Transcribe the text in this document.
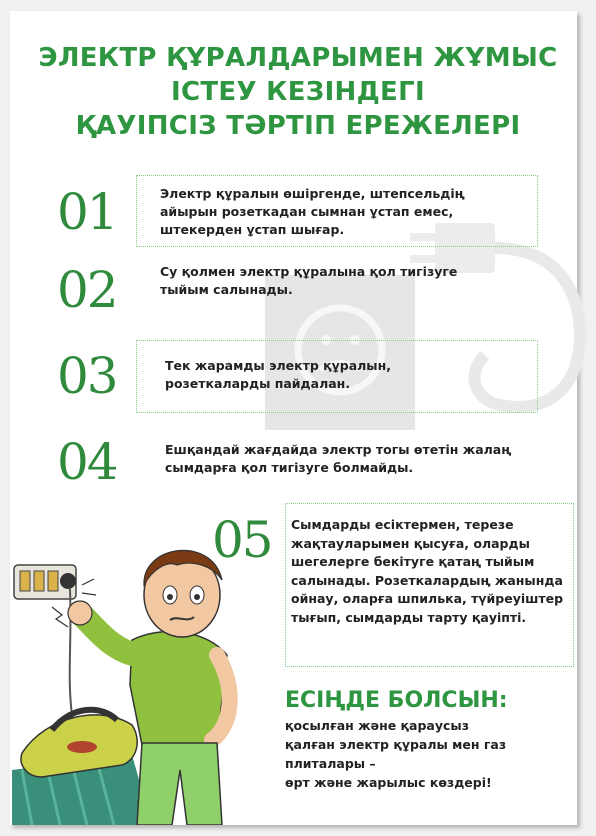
ЭЛЕКТР ҚҰРАЛДАРЫМЕН ЖҰМЫС
ІСТЕУ КЕЗІНДЕГІ
ҚАУІПСІЗ ТӘРТІП ЕРЕЖЕЛЕРІ
01	Электр құралын өшіргенде, штепсельдің айырын розеткадан сымнан ұстап емес, штекерден ұстап шығар.

02	Су қолмен электр құралына қол тигізуге тыйым салынады.

03	Тек жарамды электр құралын, розеткаларды пайдалан.

04	Ешқандай жағдайда электр тогы өтетін жалаң сымдарға қол тигізуге болмайды.

05 Сымдарды есіктермен, терезе жақтауларымен қысуға, оларды шегелерге бекітуге қатаң тыйым салынады. Розеткалардың жанында ойнау, оларға шпилька, түйреуіштер тығып, сымдарды тарту қауіпті.

ЕСІҢДЕ БОЛСЫН:
қосылған және қараусыз
қалған электр құралы мен газ
плиталары –
өрт және жарылыс көздері!
